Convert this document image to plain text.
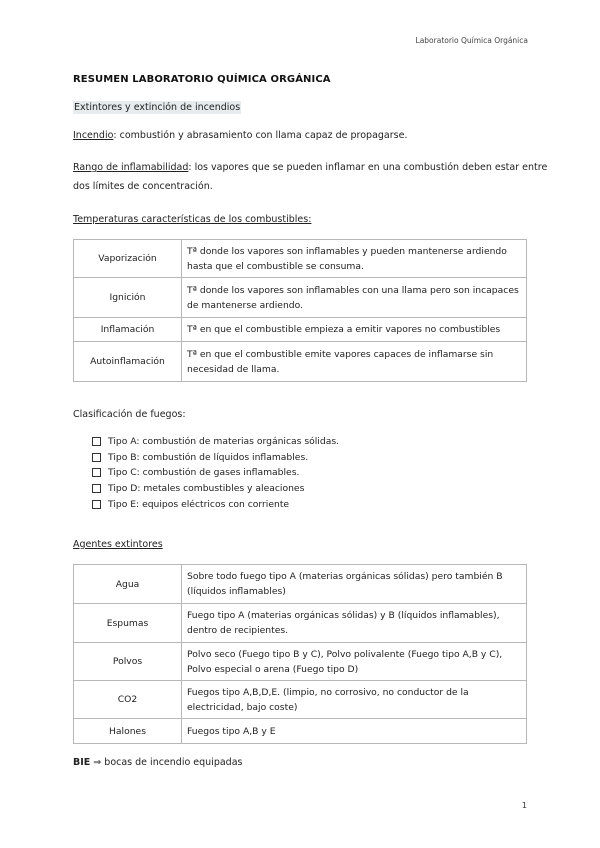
Laboratorio Química Orgánica
RESUMEN LABORATORIO QUÍMICA ORGÁNICA
Extintores y extinción de incendios
Incendio: combustión y abrasamiento con llama capaz de propagarse.
Rango de inflamabilidad: los vapores que se pueden inflamar en una combustión deben estar entre
dos límites de concentración.
Temperaturas características de los combustibles:
Vaporización	Tª donde los vapores son inflamables y pueden mantenerse ardiendo hasta que el combustible se consuma.
Ignición	Tª donde los vapores son inflamables con una llama pero son incapaces de mantenerse ardiendo.
Inflamación	Tª en que el combustible empieza a emitir vapores no combustibles
Autoinflamación	Tª en que el combustible emite vapores capaces de inflamarse sin necesidad de llama.
Clasificación de fuegos:
Tipo A: combustión de materias orgánicas sólidas.
Tipo B: combustión de líquidos inflamables.
Tipo C: combustión de gases inflamables.
Tipo D: metales combustibles y aleaciones
Tipo E: equipos eléctricos con corriente
Agentes extintores
Agua	Sobre todo fuego tipo A (materias orgánicas sólidas) pero también B (líquidos inflamables)
Espumas	Fuego tipo A (materias orgánicas sólidas) y B (líquidos inflamables), dentro de recipientes.
Polvos	Polvo seco (Fuego tipo B y C), Polvo polivalente (Fuego tipo A,B y C), Polvo especial o arena (Fuego tipo D)
CO2	Fuegos tipo A,B,D,E. (limpio, no corrosivo, no conductor de la electricidad, bajo coste)
Halones	Fuegos tipo A,B y E
BIE ⇒ bocas de incendio equipadas
1
